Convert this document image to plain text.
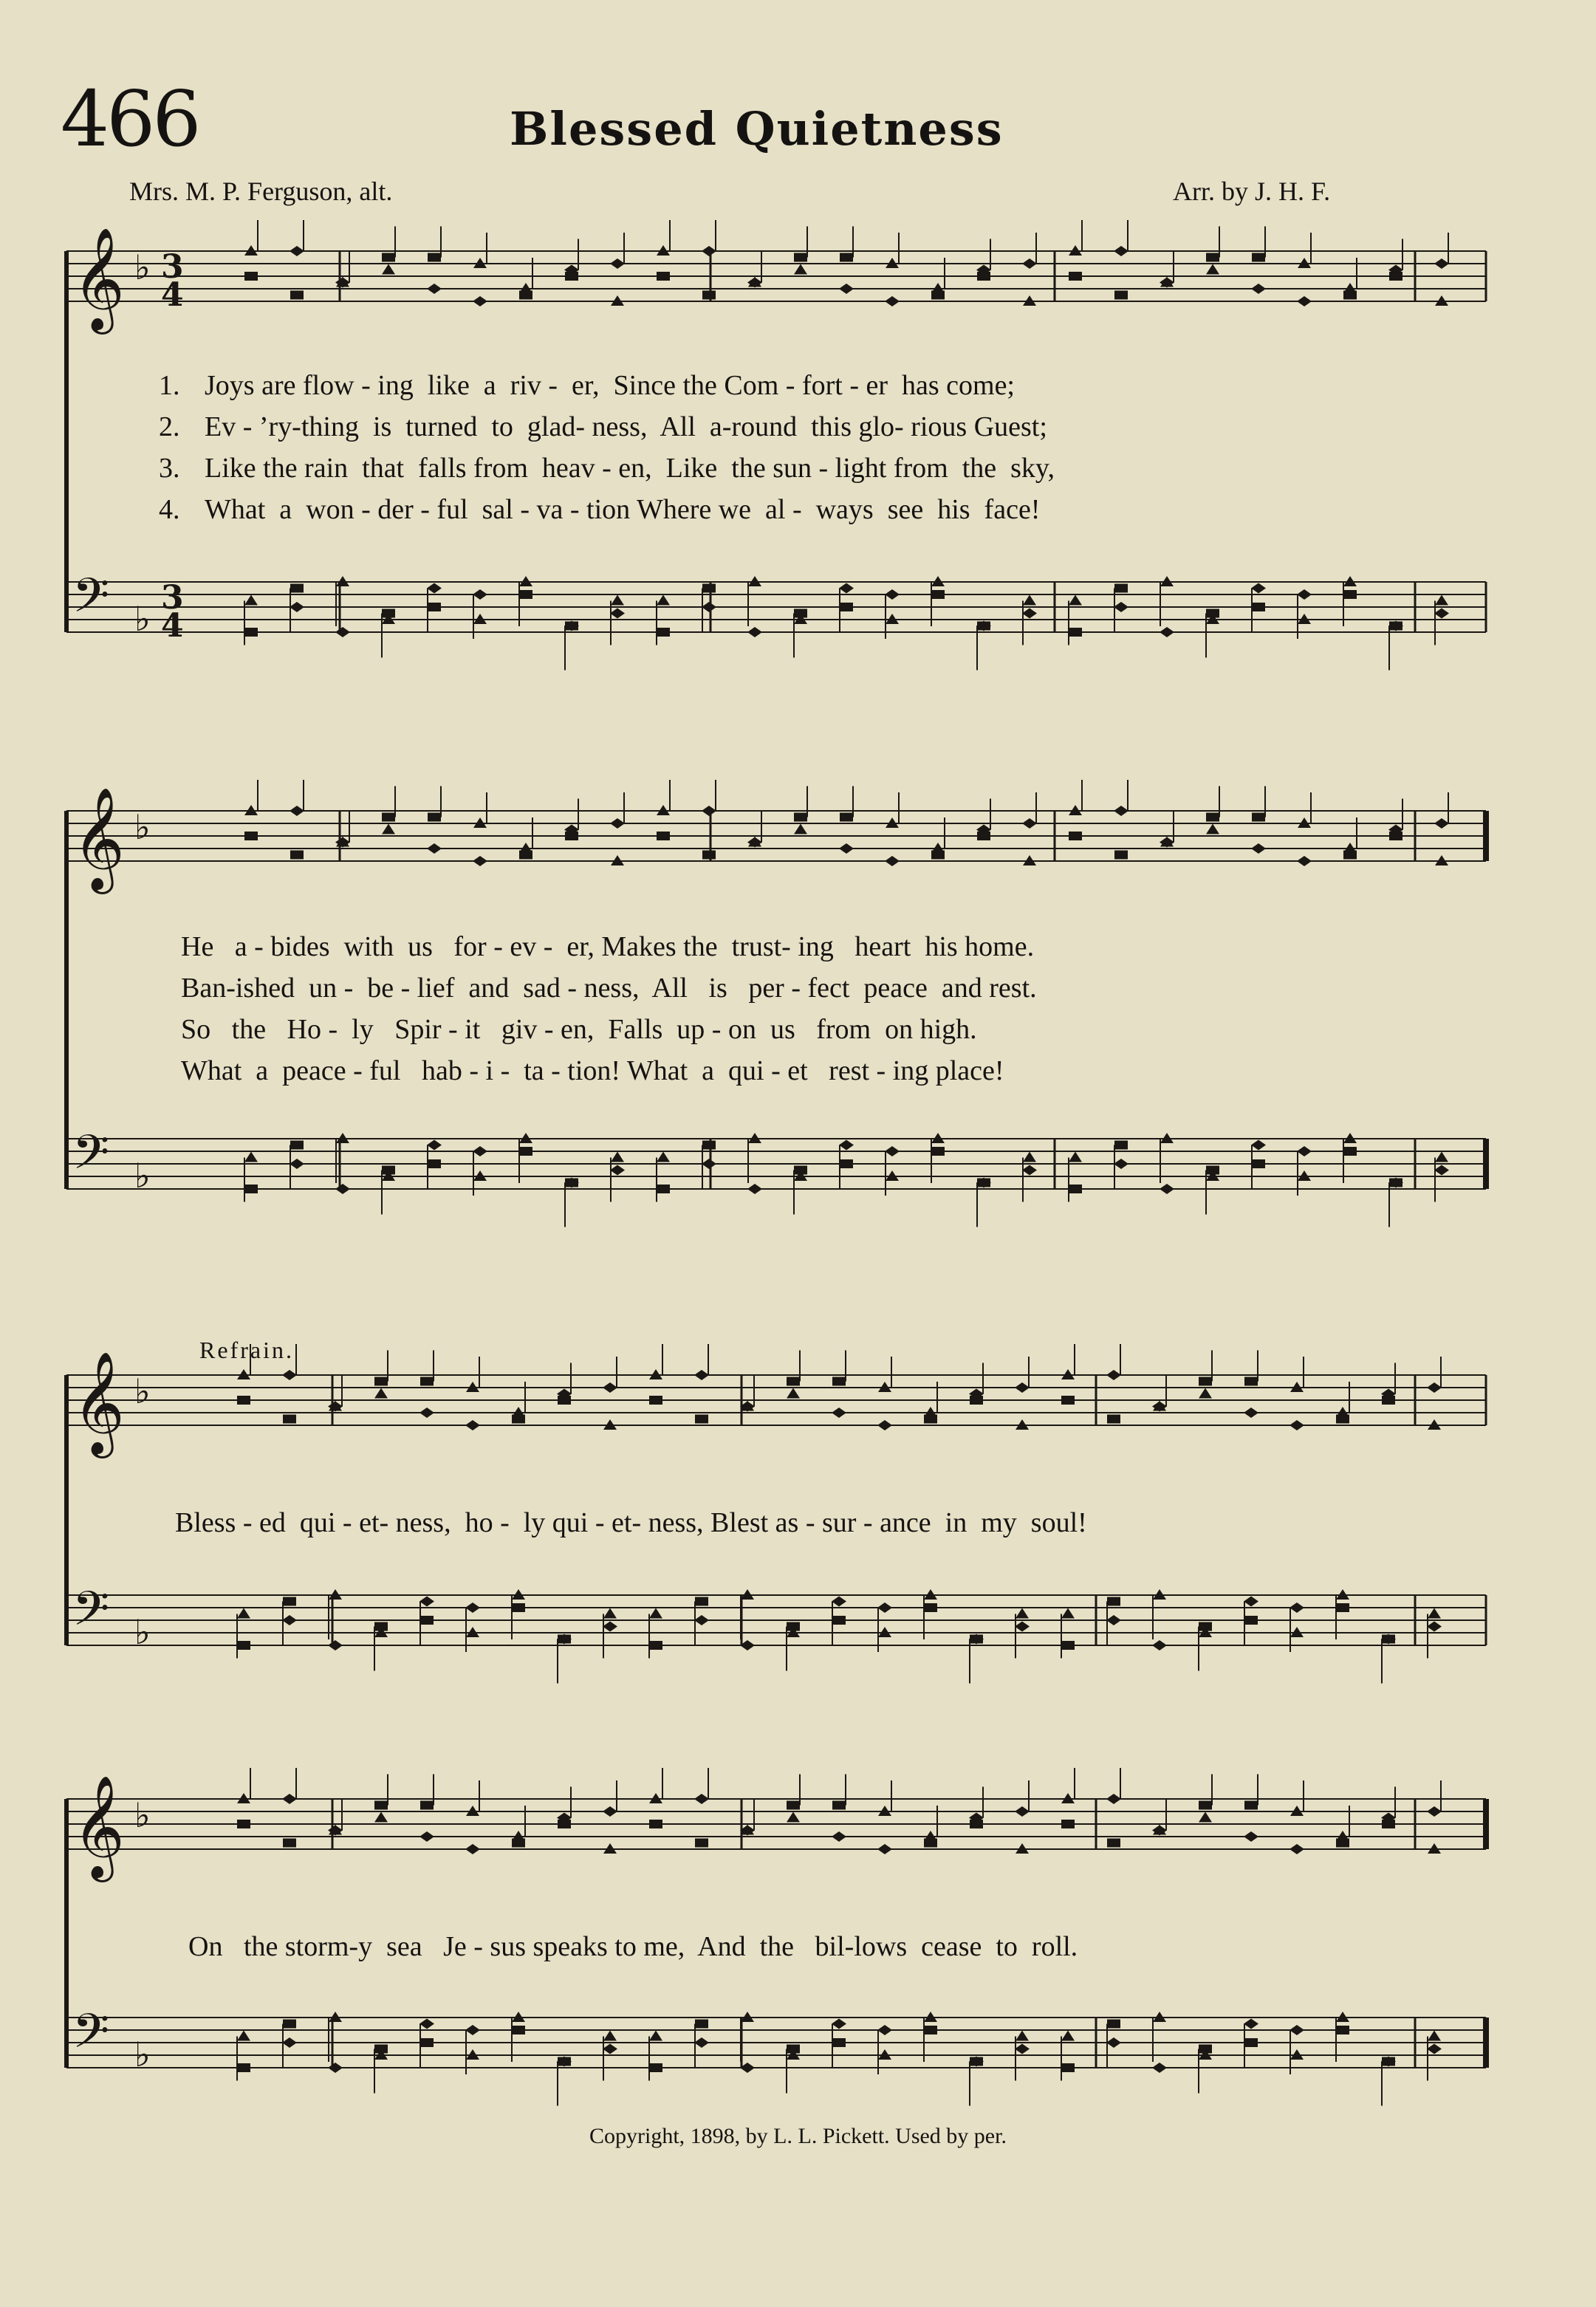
466	Blessed Quietness
Mrs. M. P. Ferguson, alt.	Arr. by J. H. F.
𝄞 ♭ 3
4
𝄢 ♭
3
4
𝄞 ♭
𝄢 ♭
𝄞 ♭
𝄢 ♭
𝄞 ♭
𝄢 ♭
1. Joys are flow - ing  like  a  riv -  er,  Since the Com - fort - er  has come;
2. Ev - ’ry-thing  is  turned  to  glad- ness,  All  a-round  this glo- rious Guest;
3. Like the rain  that  falls from  heav - en,  Like  the sun - light from  the  sky,
4. What  a  won - der - ful  sal - va - tion Where we  al -  ways  see  his  face!
He   a - bides  with  us   for - ev -  er, Makes the  trust- ing   heart  his home.
Ban-ished  un -  be - lief  and  sad - ness,  All   is   per - fect  peace  and rest.
So   the   Ho -  ly   Spir - it   giv - en,  Falls  up - on  us   from  on high.
What  a  peace - ful   hab - i -  ta - tion! What  a  qui - et   rest - ing place!
Refrain.
Bless - ed  qui - et- ness,  ho -  ly qui - et- ness, Blest as - sur - ance  in  my  soul!
On   the storm-y  sea   Je - sus speaks to me,  And  the   bil-lows  cease  to  roll.
Copyright, 1898, by L. L. Pickett. Used by per.
